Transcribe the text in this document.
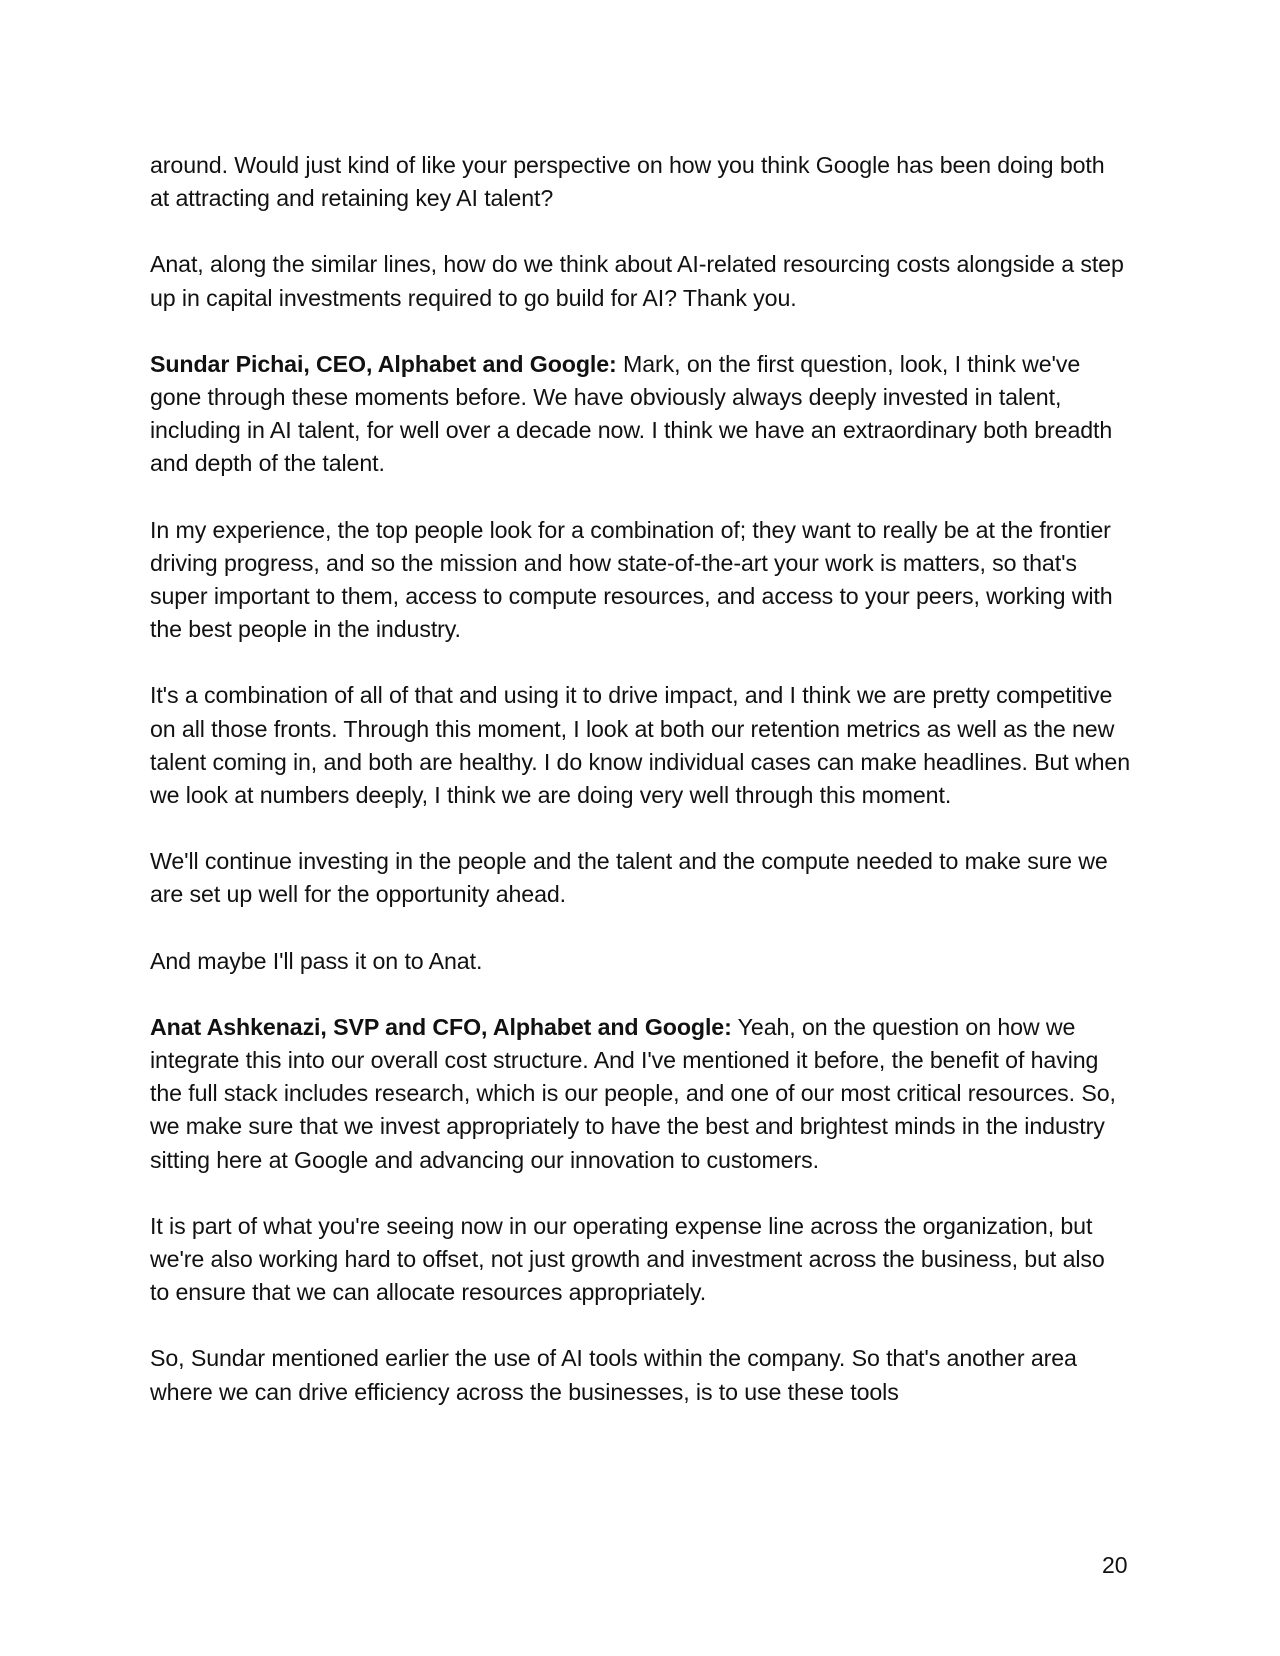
around. Would just kind of like your perspective on how you think Google has been doing both at attracting and retaining key AI talent?

Anat, along the similar lines, how do we think about AI-related resourcing costs alongside a step up in capital investments required to go build for AI? Thank you.

Sundar Pichai, CEO, Alphabet and Google: Mark, on the first question, look, I think we've gone through these moments before. We have obviously always deeply invested in talent, including in AI talent, for well over a decade now. I think we have an extraordinary both breadth and depth of the talent.

In my experience, the top people look for a combination of; they want to really be at the frontier driving progress, and so the mission and how state-of-the-art your work is matters, so that's super important to them, access to compute resources, and access to your peers, working with the best people in the industry.

It's a combination of all of that and using it to drive impact, and I think we are pretty competitive on all those fronts. Through this moment, I look at both our retention metrics as well as the new talent coming in, and both are healthy. I do know individual cases can make headlines. But when we look at numbers deeply, I think we are doing very well through this moment.

We'll continue investing in the people and the talent and the compute needed to make sure we are set up well for the opportunity ahead.

And maybe I'll pass it on to Anat.

Anat Ashkenazi, SVP and CFO, Alphabet and Google: Yeah, on the question on how we integrate this into our overall cost structure. And I've mentioned it before, the benefit of having the full stack includes research, which is our people, and one of our most critical resources. So, we make sure that we invest appropriately to have the best and brightest minds in the industry sitting here at Google and advancing our innovation to customers.

It is part of what you're seeing now in our operating expense line across the organization, but we're also working hard to offset, not just growth and investment across the business, but also to ensure that we can allocate resources appropriately.

So, Sundar mentioned earlier the use of AI tools within the company. So that's another area where we can drive efficiency across the businesses, is to use these tools

20
